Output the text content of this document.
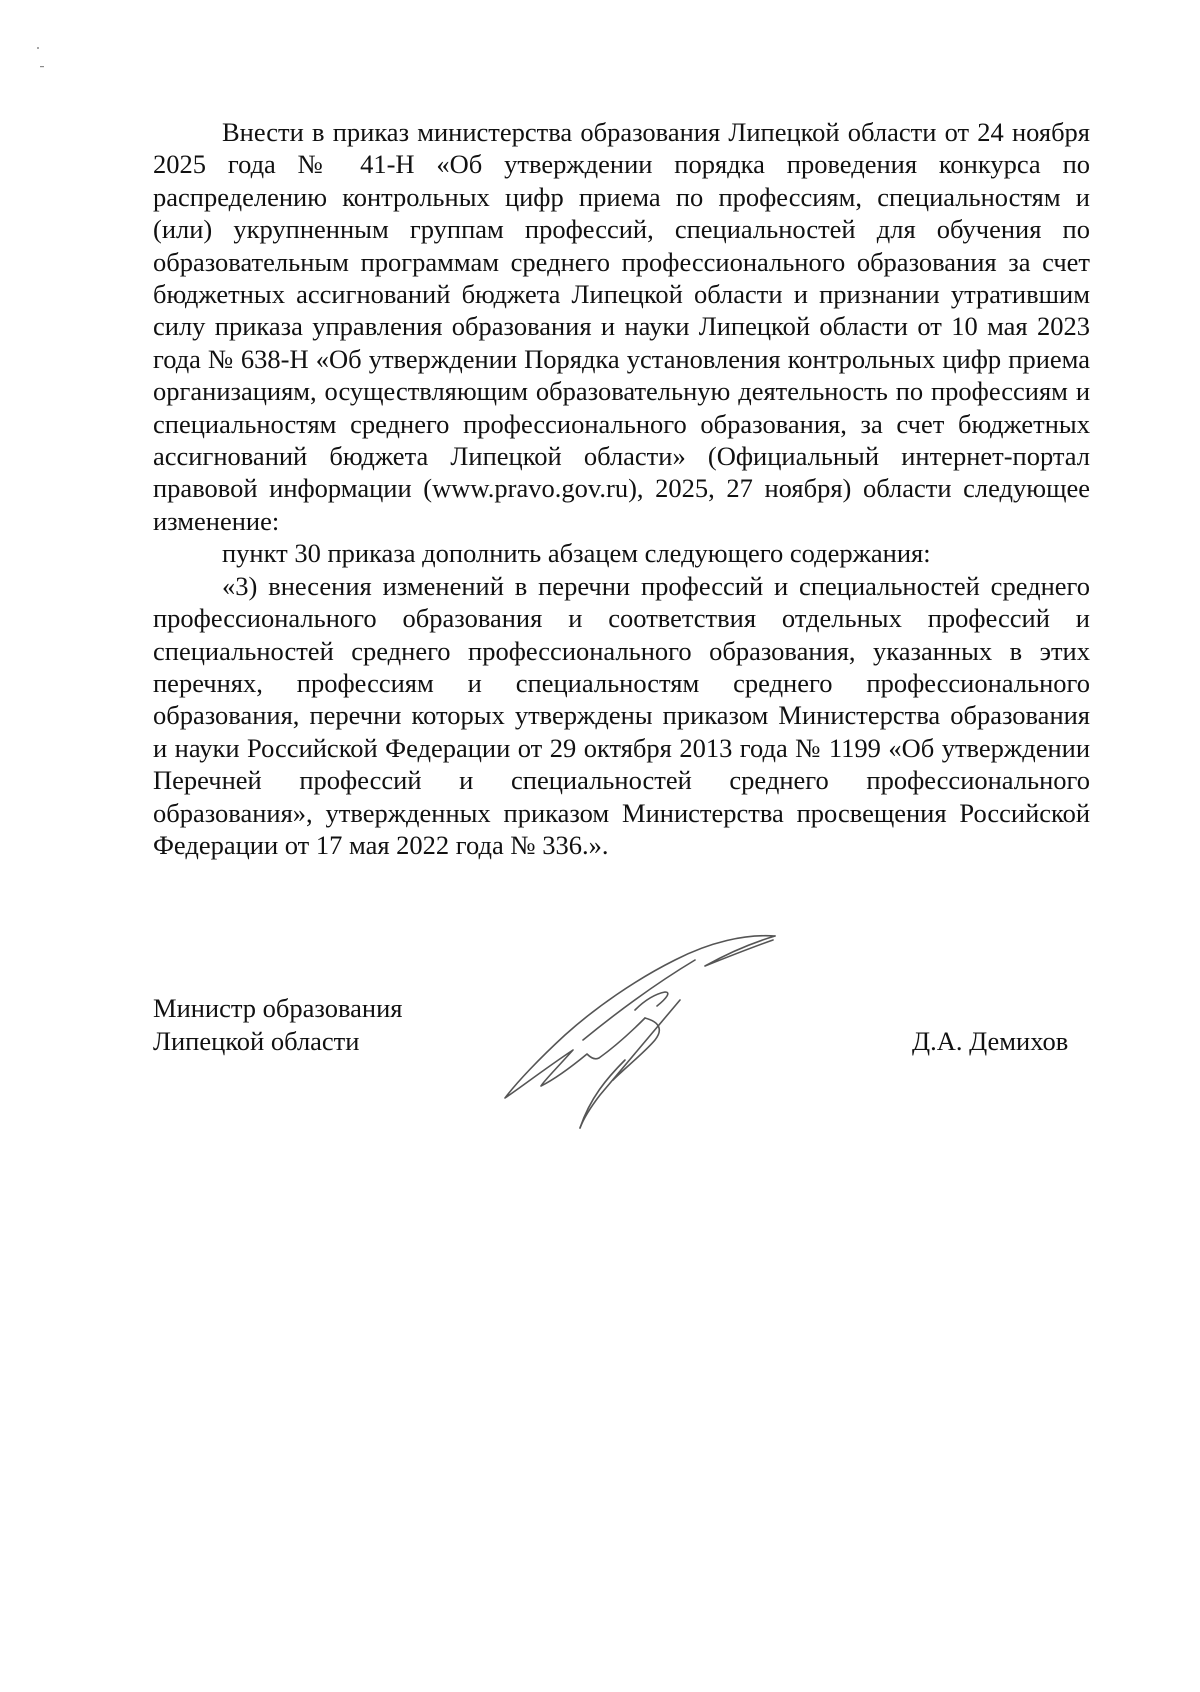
Внести в приказ министерства образования Липецкой области от 24 ноября 2025 года № 41-Н «Об утверждении порядка проведения конкурса по распределению контрольных цифр приема по профессиям, специальностям и (или) укрупненным группам профессий, специальностей для обучения по образовательным программам среднего профессионального образования за счет бюджетных ассигнований бюджета Липецкой области и признании утратившим силу приказа управления образования и науки Липецкой области от 10 мая 2023 года № 638-Н «Об утверждении Порядка установления контрольных цифр приема организациям, осуществляющим образовательную деятельность по профессиям и специальностям среднего профессионального образования, за счет бюджетных ассигнований бюджета Липецкой области» (Официальный интернет-портал правовой информации (www.pravo.gov.ru), 2025, 27 ноября) области следующее изменение:

пункт 30 приказа дополнить абзацем следующего содержания:

«3) внесения изменений в перечни профессий и специальностей среднего профессионального образования и соответствия отдельных профессий и специальностей среднего профессионального образования, указанных в этих перечнях, профессиям и специальностям среднего профессионального образования, перечни которых утверждены приказом Министерства образования и науки Российской Федерации от 29 октября 2013 года № 1199 «Об утверждении Перечней профессий и специальностей среднего профессионального образования», утвержденных приказом Министерства просвещения Российской Федерации от 17 мая 2022 года № 336.».

Министр образования
Липецкой области	Д.А. Демихов
